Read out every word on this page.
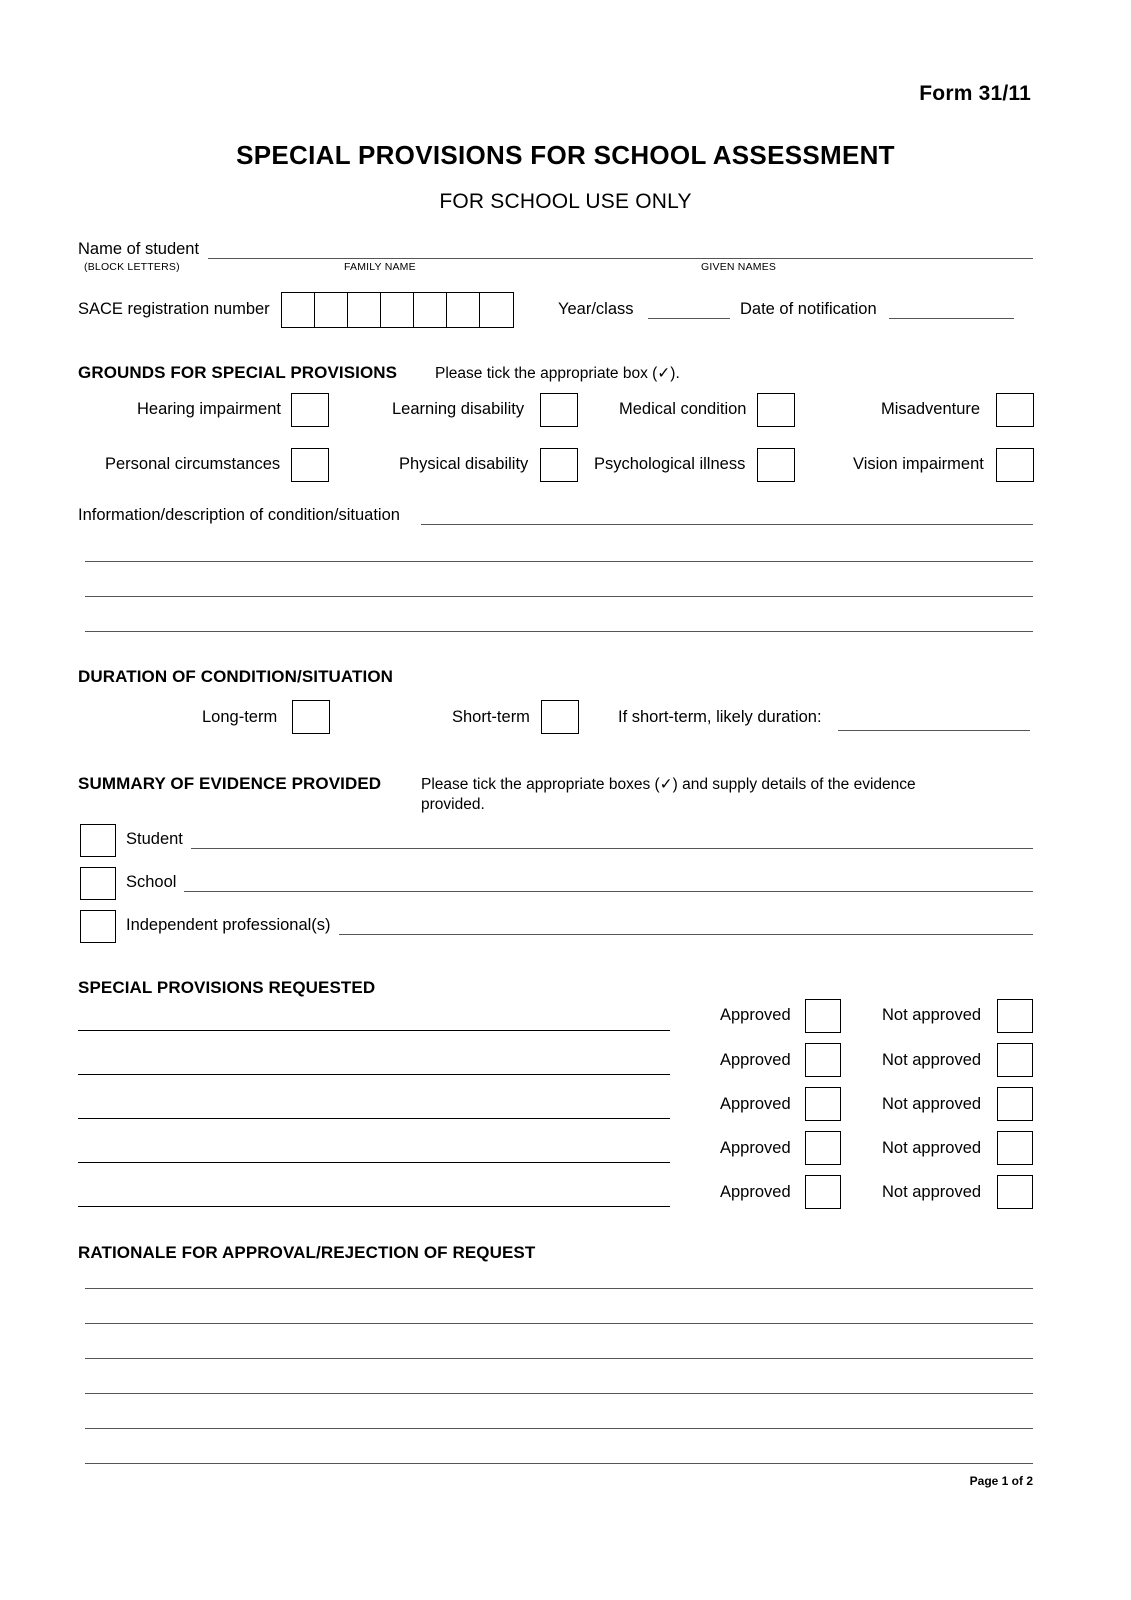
Form 31/11
SPECIAL PROVISIONS FOR SCHOOL ASSESSMENT
FOR SCHOOL USE ONLY
Name of student
(BLOCK LETTERS)	FAMILY NAME	GIVEN NAMES
SACE registration number	Year/class	Date of notification
GROUNDS FOR SPECIAL PROVISIONS Please tick the appropriate box (✓).
Hearing impairment	Learning disability	Medical condition	Misadventure
Personal circumstances	Physical disability	Psychological illness	Vision impairment
Information/description of condition/situation
DURATION OF CONDITION/SITUATION
Long-term	Short-term	If short-term, likely duration:
SUMMARY OF EVIDENCE PROVIDED	Please tick the appropriate boxes (✓) and supply details of the evidence provided.
Student
School
Independent professional(s)
SPECIAL PROVISIONS REQUESTED
Approved	Not approved
Approved	Not approved
Approved	Not approved
Approved	Not approved
Approved	Not approved
RATIONALE FOR APPROVAL/REJECTION OF REQUEST
Page 1 of 2
